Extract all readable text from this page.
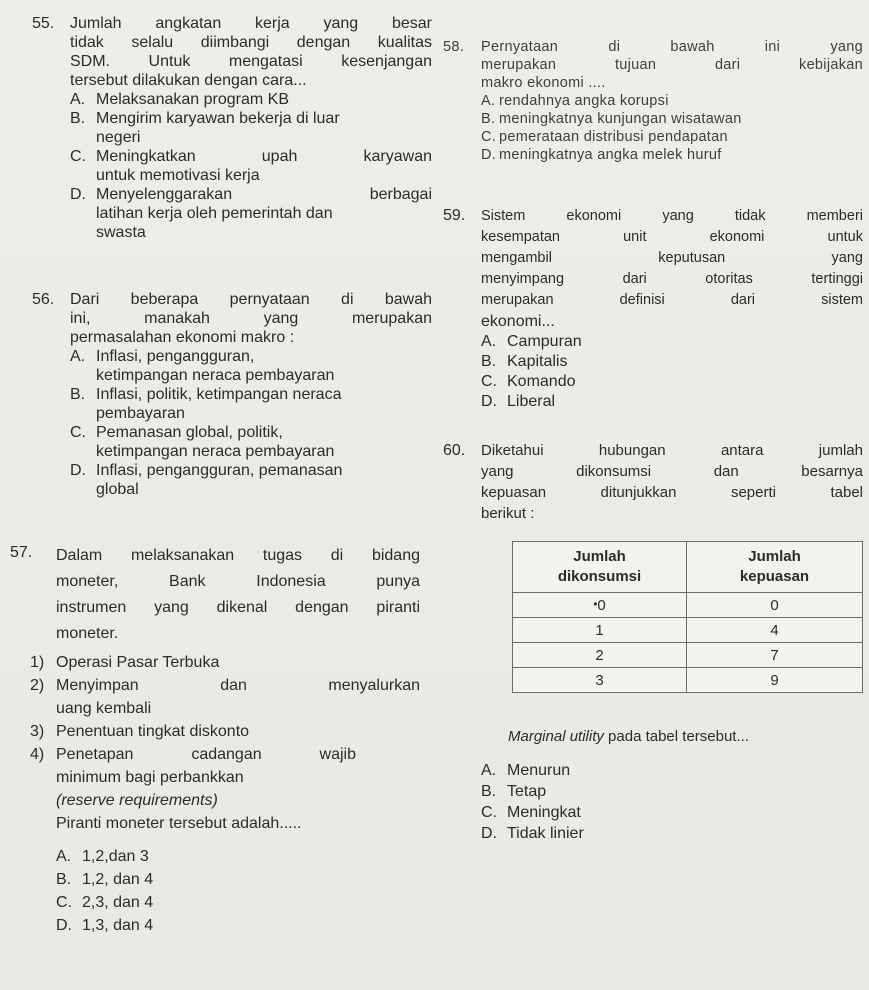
55. Jumlah angkatan kerja yang besar

tidak selalu diimbangi dengan kualitas

SDM. Untuk mengatasi kesenjangan

tersebut dilakukan dengan cara...

A. Melaksanakan program KB

B. Mengirim karyawan bekerja di luar

negeri

C. Meningkatkan upah karyawan

untuk memotivasi kerja

D. Menyelenggarakan berbagai

latihan kerja oleh pemerintah dan

swasta

56. Dari beberapa pernyataan di bawah

ini, manakah yang merupakan

permasalahan ekonomi makro :

A. Inflasi, pengangguran,

ketimpangan neraca pembayaran

B. Inflasi, politik, ketimpangan neraca

pembayaran

C. Pemanasan global, politik,

ketimpangan neraca pembayaran

D. Inflasi, pengangguran, pemanasan

global

57. Dalam melaksanakan tugas di bidang

moneter, Bank Indonesia punya

instrumen yang dikenal dengan piranti

moneter.

1) Operasi Pasar Terbuka

2) Menyimpan dan menyalurkan

uang kembali

3) Penentuan tingkat diskonto

4) Penetapan cadangan wajib

minimum bagi perbankkan

(reserve requirements)

Piranti moneter tersebut adalah.....

A. 1,2,dan 3

B. 1,2, dan 4

C. 2,3, dan 4

D. 1,3, dan 4

58. Pernyataan di bawah ini yang

merupakan tujuan dari kebijakan

makro ekonomi ....

A. rendahnya angka korupsi

B. meningkatnya kunjungan wisatawan

C. pemerataan distribusi pendapatan

D. meningkatnya angka melek huruf

59. Sistem ekonomi yang tidak memberi

kesempatan unit ekonomi untuk

mengambil keputusan yang

menyimpang dari otoritas tertinggi

merupakan definisi dari sistem

ekonomi...

A. Campuran

B. Kapitalis

C. Komando

D. Liberal

60. Diketahui hubungan antara jumlah

yang dikonsumsi dan besarnya

kepuasan ditunjukkan seperti tabel

berikut :

Jumlah
dikonsumsi	Jumlah
kepuasan
•0	0
1	4
2	7
3	9

Marginal utility pada tabel tersebut...

A. Menurun

B. Tetap

C. Meningkat

D. Tidak linier
